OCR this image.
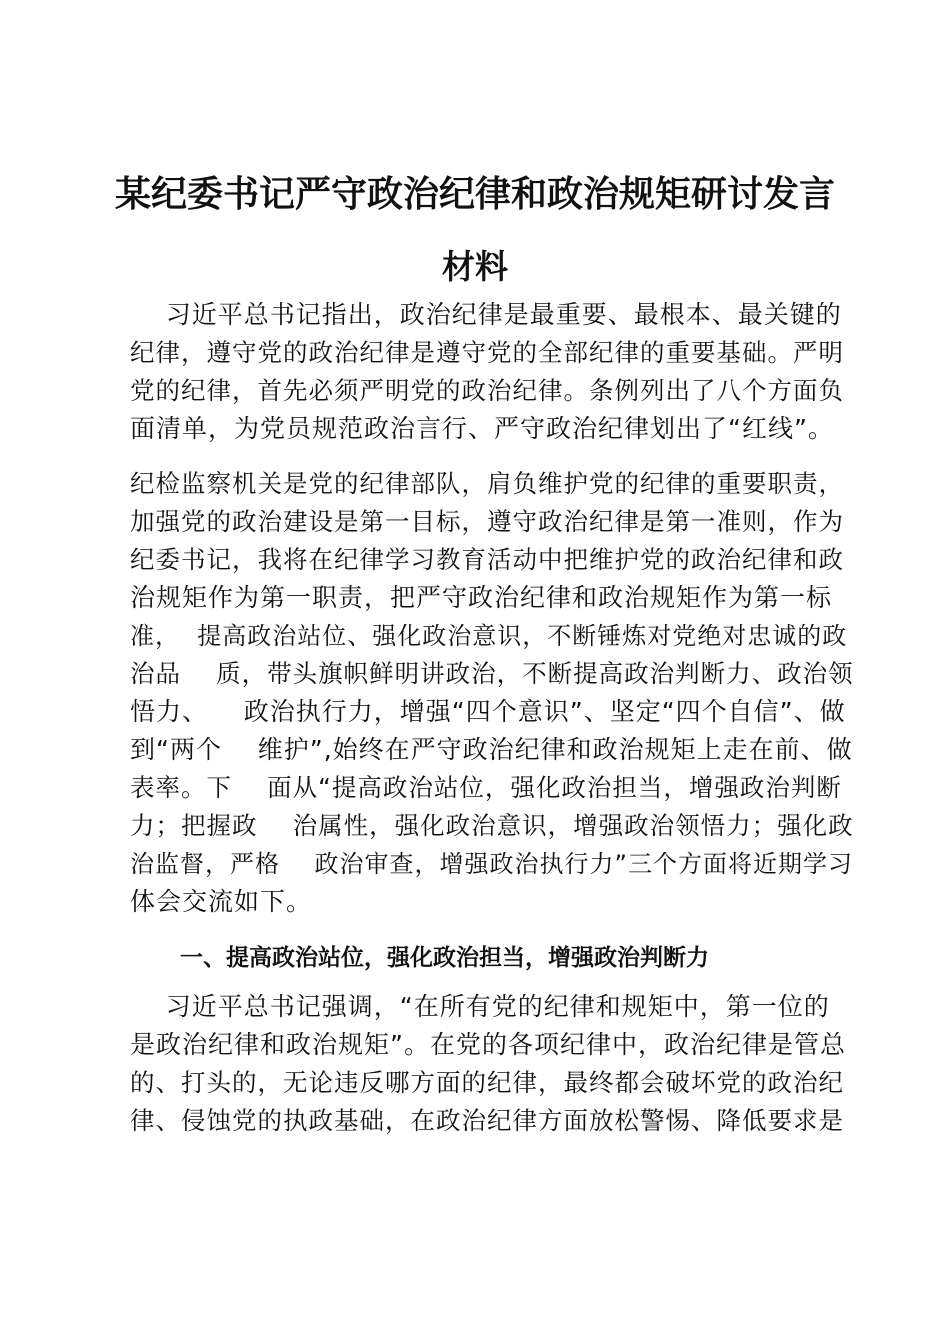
某纪委书记严守政治纪律和政治规矩研讨发言
材料
习近平总书记指出，政治纪律是最重要、最根本、最关键的
纪律，遵守党的政治纪律是遵守党的全部纪律的重要基础。严明
党的纪律，首先必须严明党的政治纪律。条例列出了八个方面负
面清单，为党员规范政治言行、严守政治纪律划出了“红线”。
纪检监察机关是党的纪律部队，肩负维护党的纪律的重要职责，
加强党的政治建设是第一目标，遵守政治纪律是第一准则，作为
纪委书记，我将在纪律学习教育活动中把维护党的政治纪律和政
治规矩作为第一职责，把严守政治纪律和政治规矩作为第一标
准，  提高政治站位、强化政治意识，不断锤炼对党绝对忠诚的政
治品    质，带头旗帜鲜明讲政治，不断提高政治判断力、政治领
悟力、    政治执行力，增强“四个意识”、坚定“四个自信”、做
到“两个    维护”,始终在严守政治纪律和政治规矩上走在前、做
表率。下    面从“提高政治站位，强化政治担当，增强政治判断
力；把握政    治属性，强化政治意识，增强政治领悟力；强化政
治监督，严格    政治审查，增强政治执行力”三个方面将近期学习
体会交流如下。
一、提高政治站位，强化政治担当，增强政治判断力
习近平总书记强调，“在所有党的纪律和规矩中，第一位的
是政治纪律和政治规矩”。在党的各项纪律中，政治纪律是管总
的、打头的，无论违反哪方面的纪律，最终都会破坏党的政治纪
律、侵蚀党的执政基础，在政治纪律方面放松警惕、降低要求是
